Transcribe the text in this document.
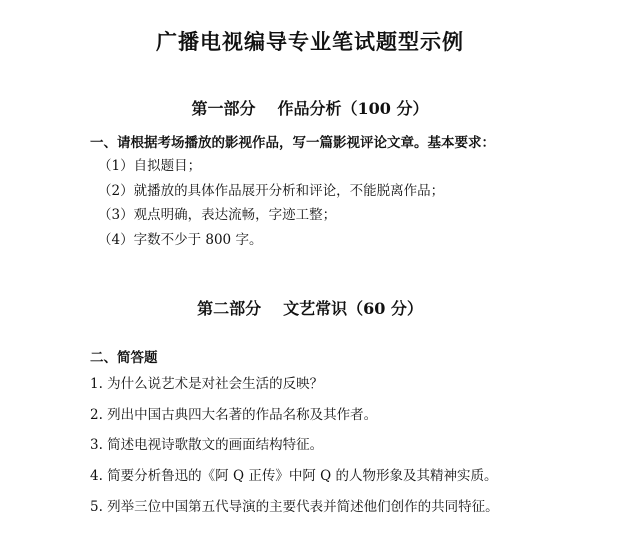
广播电视编导专业笔试题型示例
第一部分 作品分析（100 分）
一、请根据考场播放的影视作品，写一篇影视评论文章。基本要求：
（1）自拟题目；
（2）就播放的具体作品展开分析和评论，不能脱离作品；
（3）观点明确，表达流畅，字迹工整；
（4）字数不少于 800 字。
第二部分 文艺常识（60 分）
二、简答题
1. 为什么说艺术是对社会生活的反映？
2. 列出中国古典四大名著的作品名称及其作者。
3. 简述电视诗歌散文的画面结构特征。
4. 简要分析鲁迅的《阿 Q 正传》中阿 Q 的人物形象及其精神实质。
5. 列举三位中国第五代导演的主要代表并简述他们创作的共同特征。
